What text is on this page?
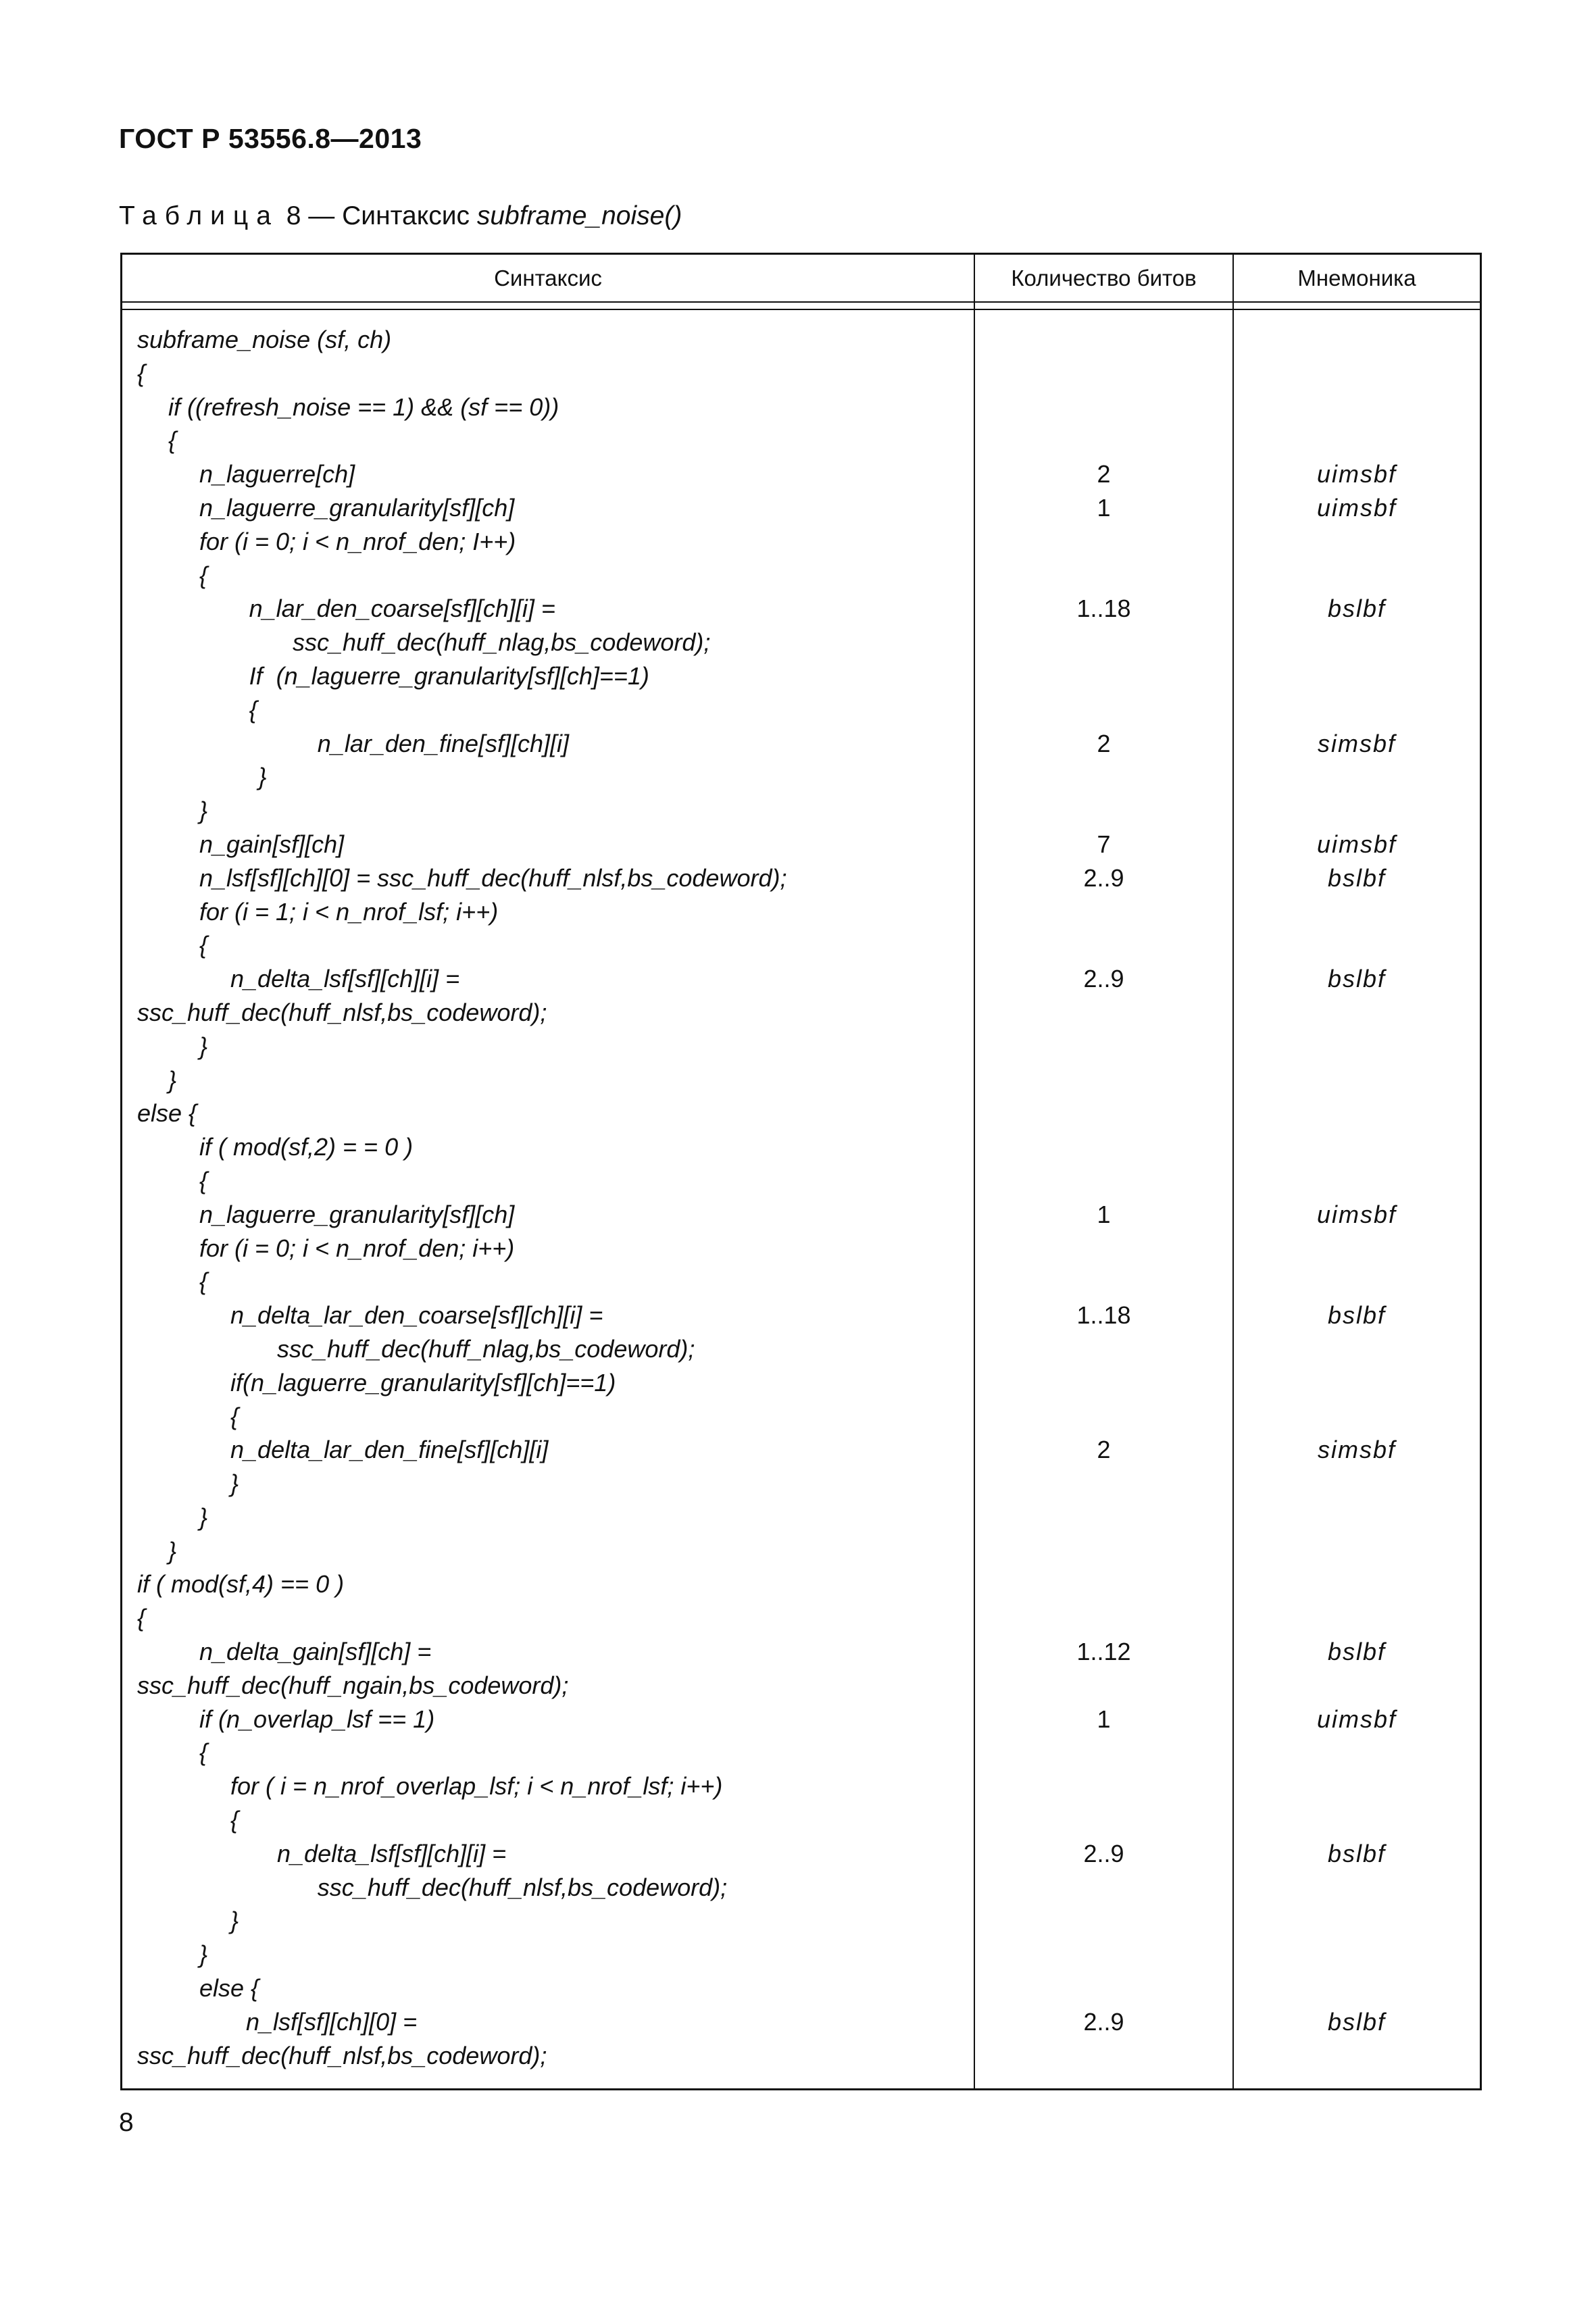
ГОСТ Р 53556.8—2013
Таблица 8 — Синтаксис subframe_noise()
Синтаксис	Количество битов	Мнемоника
subframe_noise (sf, ch)
{
if ((refresh_noise == 1) && (sf == 0))
{
n_laguerre[ch]	2	uimsbf
n_laguerre_granularity[sf][ch]	1	uimsbf
for (i = 0; i < n_nrof_den; I++)
{
n_lar_den_coarse[sf][ch][i] =	1..18	bslbf
ssc_huff_dec(huff_nlag,bs_codeword);
If  (n_laguerre_granularity[sf][ch]==1)
{
n_lar_den_fine[sf][ch][i]	2	simsbf
}
}
n_gain[sf][ch]	7	uimsbf
n_lsf[sf][ch][0] = ssc_huff_dec(huff_nlsf,bs_codeword);	2..9	bslbf
for (i = 1; i < n_nrof_lsf; i++)
{
n_delta_lsf[sf][ch][i] =	2..9	bslbf
ssc_huff_dec(huff_nlsf,bs_codeword);
}
}
else {
if ( mod(sf,2) = = 0 )
{
n_laguerre_granularity[sf][ch]	1	uimsbf
for (i = 0; i < n_nrof_den; i++)
{
n_delta_lar_den_coarse[sf][ch][i] =	1..18	bslbf
ssc_huff_dec(huff_nlag,bs_codeword);
if(n_laguerre_granularity[sf][ch]==1)
{
n_delta_lar_den_fine[sf][ch][i]	2	simsbf
}
}
}
if ( mod(sf,4) == 0 )
{
n_delta_gain[sf][ch] =	1..12	bslbf
ssc_huff_dec(huff_ngain,bs_codeword);
if (n_overlap_lsf == 1)	1	uimsbf
{
for ( i = n_nrof_overlap_lsf; i < n_nrof_lsf; i++)
{
n_delta_lsf[sf][ch][i] =	2..9	bslbf
ssc_huff_dec(huff_nlsf,bs_codeword);
}
}
else {
n_lsf[sf][ch][0] =	2..9	bslbf
ssc_huff_dec(huff_nlsf,bs_codeword);
8
